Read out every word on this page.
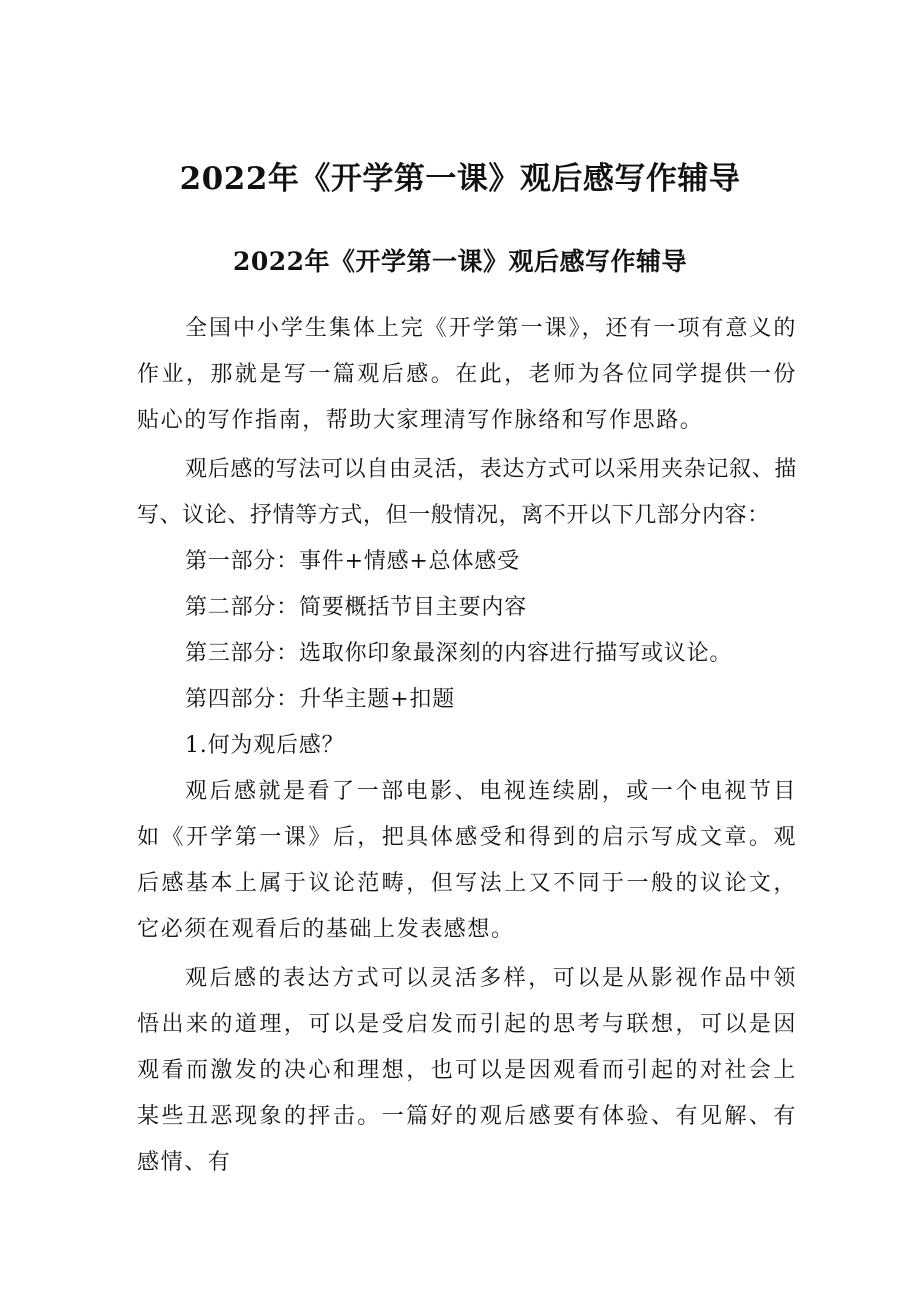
2022年《开学第一课》观后感写作辅导
2022年《开学第一课》观后感写作辅导

全国中小学生集体上完《开学第一课》，还有一项有意义的作业，那就是写一篇观后感。在此，老师为各位同学提供一份贴心的写作指南，帮助大家理清写作脉络和写作思路。

观后感的写法可以自由灵活，表达方式可以采用夹杂记叙、描写、议论、抒情等方式，但一般情况，离不开以下几部分内容：

第一部分：事件+情感+总体感受

第二部分：简要概括节目主要内容

第三部分：选取你印象最深刻的内容进行描写或议论。

第四部分：升华主题+扣题

1.何为观后感？

观后感就是看了一部电影、电视连续剧，或一个电视节目如《开学第一课》后，把具体感受和得到的启示写成文章。观后感基本上属于议论范畴，但写法上又不同于一般的议论文，它必须在观看后的基础上发表感想。

观后感的表达方式可以灵活多样，可以是从影视作品中领悟出来的道理，可以是受启发而引起的思考与联想，可以是因观看而激发的决心和理想，也可以是因观看而引起的对社会上某些丑恶现象的抨击。一篇好的观后感要有体验、有见解、有感情、有
